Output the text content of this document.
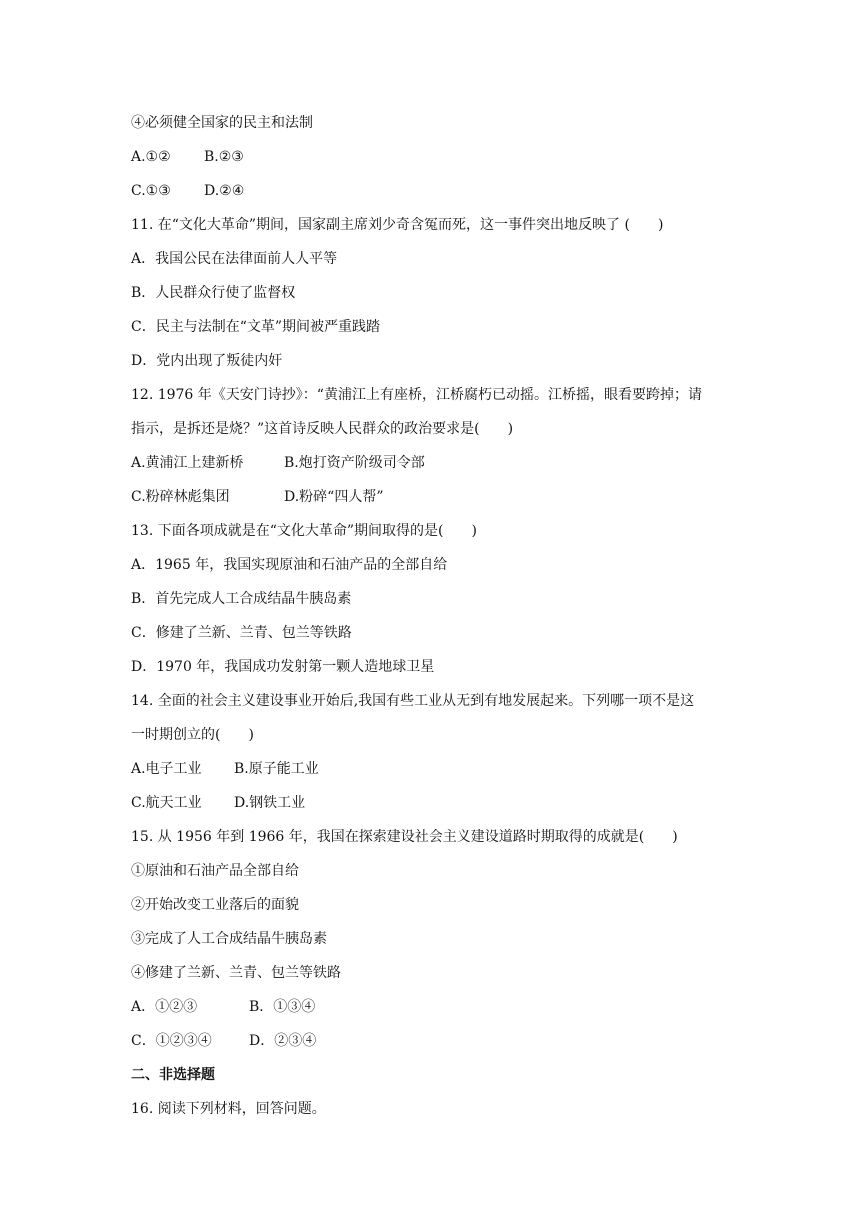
④必须健全国家的民主和法制
A.①② B.②③
C.①③ D.②④
11. 在“文化大革命”期间，国家副主席刘少奇含冤而死，这一事件突出地反映了 (　　)
A．我国公民在法律面前人人平等
B．人民群众行使了监督权
C．民主与法制在“文革”期间被严重践踏
D．党内出现了叛徒内奸
12. 1976 年《天安门诗抄》：“黄浦江上有座桥，江桥腐朽已动摇。江桥摇，眼看要跨掉；请
指示，是拆还是烧？”这首诗反映人民群众的政治要求是(　　)
A.黄浦江上建新桥	B.炮打资产阶级司令部
C.粉碎林彪集团	D.粉碎“四人帮”
13. 下面各项成就是在“文化大革命”期间取得的是(　　)
A．1965 年，我国实现原油和石油产品的全部自给
B．首先完成人工合成结晶牛胰岛素
C．修建了兰新、兰青、包兰等铁路
D．1970 年，我国成功发射第一颗人造地球卫星
14. 全面的社会主义建设事业开始后,我国有些工业从无到有地发展起来。下列哪一项不是这
一时期创立的(　　)
A.电子工业 B.原子能工业
C.航天工业 D.钢铁工业
15. 从 1956 年到 1966 年，我国在探索建设社会主义建设道路时期取得的成就是(　　)
①原油和石油产品全部自给
②开始改变工业落后的面貌
③完成了人工合成结晶牛胰岛素
④修建了兰新、兰青、包兰等铁路
A．①②③	B．①③④
C．①②③④	D．②③④
二、非选择题
16. 阅读下列材料，回答问题。
